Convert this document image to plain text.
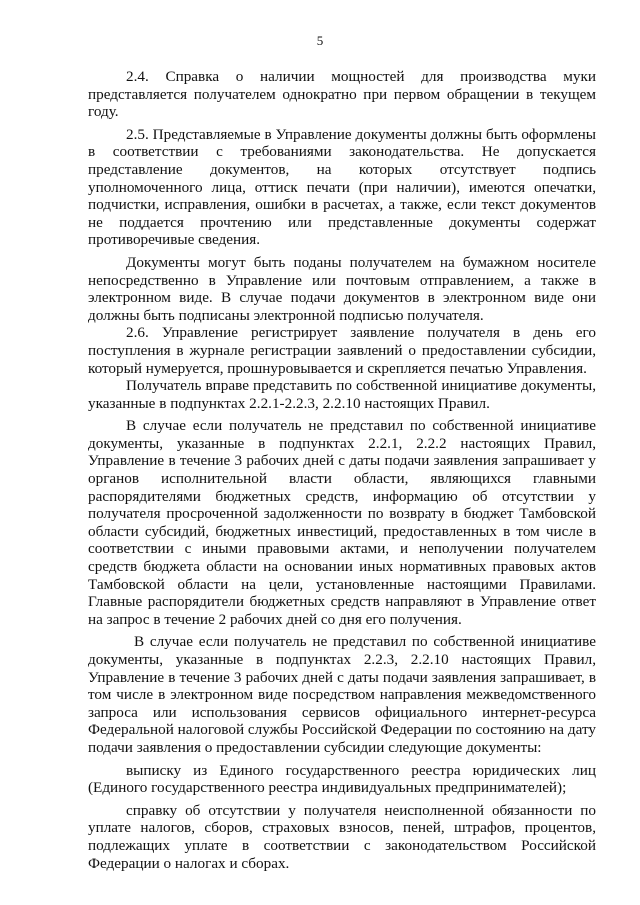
5

2.4. Справка о наличии мощностей для производства муки представляется получателем однократно при первом обращении в текущем году.

2.5. Представляемые в Управление документы должны быть оформлены в соответствии с требованиями законодательства. Не допускается представление документов, на которых отсутствует подпись уполномоченного лица, оттиск печати (при наличии), имеются опечатки, подчистки, исправления, ошибки в расчетах, а также, если текст документов не поддается прочтению или представленные документы содержат противоречивые сведения.

Документы могут быть поданы получателем на бумажном носителе непосредственно в Управление или почтовым отправлением, а также в электронном виде. В случае подачи документов в электронном виде они должны быть подписаны электронной подписью получателя.

2.6. Управление регистрирует заявление получателя в день его поступления в журнале регистрации заявлений о предоставлении субсидии, который нумеруется, прошнуровывается и скрепляется печатью Управления.

Получатель вправе представить по собственной инициативе документы, указанные в подпунктах 2.2.1-2.2.3, 2.2.10 настоящих Правил.

В случае если получатель не представил по собственной инициативе документы, указанные в подпунктах 2.2.1, 2.2.2 настоящих Правил, Управление в течение 3 рабочих дней с даты подачи заявления запрашивает у органов исполнительной власти области, являющихся главными распорядителями бюджетных средств, информацию об отсутствии у получателя просроченной задолженности по возврату в бюджет Тамбовской области субсидий, бюджетных инвестиций, предоставленных в том числе в соответствии с иными правовыми актами, и неполучении получателем средств бюджета области на основании иных нормативных правовых актов Тамбовской области на цели, установленные настоящими Правилами. Главные распорядители бюджетных средств направляют в Управление ответ на запрос в течение 2 рабочих дней со дня его получения.

В случае если получатель не представил по собственной инициативе документы, указанные в подпунктах 2.2.3, 2.2.10 настоящих Правил, Управление в течение 3 рабочих дней с даты подачи заявления запрашивает, в том числе в электронном виде посредством направления межведомственного запроса или использования сервисов официального интернет-ресурса Федеральной налоговой службы Российской Федерации по состоянию на дату подачи заявления о предоставлении субсидии следующие документы:

выписку из Единого государственного реестра юридических лиц (Единого государственного реестра индивидуальных предпринимателей);

справку об отсутствии у получателя неисполненной обязанности по уплате налогов, сборов, страховых взносов, пеней, штрафов, процентов, подлежащих уплате в соответствии с законодательством Российской Федерации о налогах и сборах.
